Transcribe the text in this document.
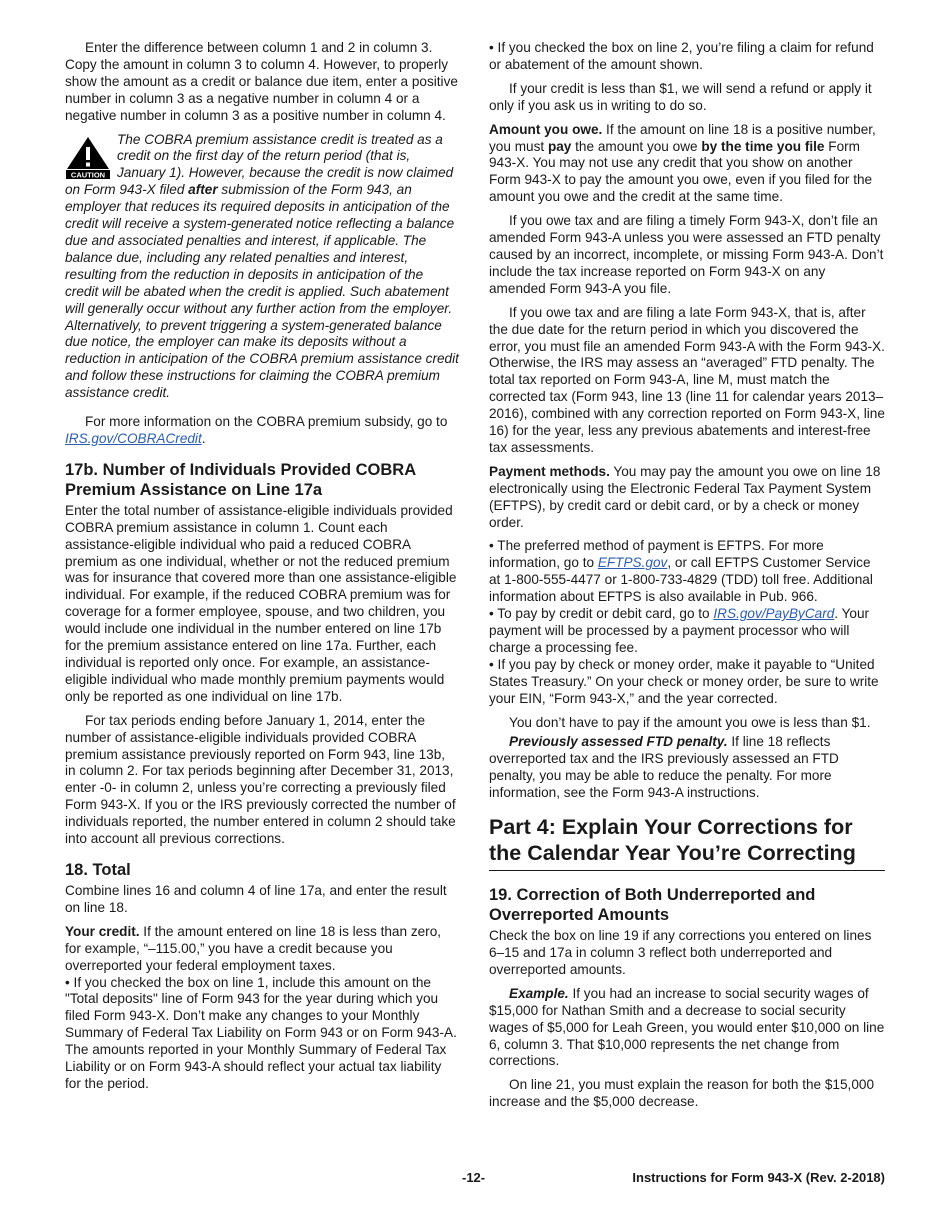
Enter the difference between column 1 and 2 in column 3. Copy the amount in column 3 to column 4. However, to properly show the amount as a credit or balance due item, enter a positive number in column 3 as a negative number in column 4 or a negative number in column 3 as a positive number in column 4.

CAUTION

The COBRA premium assistance credit is treated as a credit on the first day of the return period (that is, January 1). However, because the credit is now claimed on Form 943-X filed after submission of the Form 943, an employer that reduces its required deposits in anticipation of the credit will receive a system-generated notice reflecting a balance due and associated penalties and interest, if applicable. The balance due, including any related penalties and interest, resulting from the reduction in deposits in anticipation of the credit will be abated when the credit is applied. Such abatement will generally occur without any further action from the employer. Alternatively, to prevent triggering a system-generated balance due notice, the employer can make its deposits without a reduction in anticipation of the COBRA premium assistance credit and follow these instructions for claiming the COBRA premium assistance credit.

For more information on the COBRA premium subsidy, go to IRS.gov/COBRACredit.

17b. Number of Individuals Provided COBRA Premium Assistance on Line 17a

Enter the total number of assistance-eligible individuals provided COBRA premium assistance in column 1. Count each assistance-eligible individual who paid a reduced COBRA premium as one individual, whether or not the reduced premium was for insurance that covered more than one assistance-eligible individual. For example, if the reduced COBRA premium was for coverage for a former employee, spouse, and two children, you would include one individual in the number entered on line 17b for the premium assistance entered on line 17a. Further, each individual is reported only once. For example, an assistance-eligible individual who made monthly premium payments would only be reported as one individual on line 17b.

For tax periods ending before January 1, 2014, enter the number of assistance-eligible individuals provided COBRA premium assistance previously reported on Form 943, line 13b, in column 2. For tax periods beginning after December 31, 2013, enter -0- in column 2, unless you’re correcting a previously filed Form 943-X. If you or the IRS previously corrected the number of individuals reported, the number entered in column 2 should take into account all previous corrections.

18. Total

Combine lines 16 and column 4 of line 17a, and enter the result on line 18.

Your credit. If the amount entered on line 18 is less than zero, for example, “–115.00,” you have a credit because you overreported your federal employment taxes.

• If you checked the box on line 1, include this amount on the "Total deposits" line of Form 943 for the year during which you filed Form 943-X. Don’t make any changes to your Monthly Summary of Federal Tax Liability on Form 943 or on Form 943-A. The amounts reported in your Monthly Summary of Federal Tax Liability or on Form 943-A should reflect your actual tax liability for the period.

• If you checked the box on line 2, you’re filing a claim for refund or abatement of the amount shown.

If your credit is less than $1, we will send a refund or apply it only if you ask us in writing to do so.

Amount you owe. If the amount on line 18 is a positive number, you must pay the amount you owe by the time you file Form 943-X. You may not use any credit that you show on another Form 943-X to pay the amount you owe, even if you filed for the amount you owe and the credit at the same time.

If you owe tax and are filing a timely Form 943-X, don’t file an amended Form 943-A unless you were assessed an FTD penalty caused by an incorrect, incomplete, or missing Form 943-A. Don’t include the tax increase reported on Form 943-X on any amended Form 943-A you file.

If you owe tax and are filing a late Form 943-X, that is, after the due date for the return period in which you discovered the error, you must file an amended Form 943-A with the Form 943-X. Otherwise, the IRS may assess an “averaged” FTD penalty. The total tax reported on Form 943-A, line M, must match the corrected tax (Form 943, line 13 (line 11 for calendar years 2013–2016), combined with any correction reported on Form 943-X, line 16) for the year, less any previous abatements and interest-free tax assessments.

Payment methods. You may pay the amount you owe on line 18 electronically using the Electronic Federal Tax Payment System (EFTPS), by credit card or debit card, or by a check or money order.

• The preferred method of payment is EFTPS. For more information, go to EFTPS.gov, or call EFTPS Customer Service at 1-800-555-4477 or 1-800-733-4829 (TDD) toll free. Additional information about EFTPS is also available in Pub. 966.

• To pay by credit or debit card, go to IRS.gov/PayByCard. Your payment will be processed by a payment processor who will charge a processing fee.

• If you pay by check or money order, make it payable to “United States Treasury.” On your check or money order, be sure to write your EIN, “Form 943-X,” and the year corrected.

You don’t have to pay if the amount you owe is less than $1.

Previously assessed FTD penalty. If line 18 reflects overreported tax and the IRS previously assessed an FTD penalty, you may be able to reduce the penalty. For more information, see the Form 943-A instructions.

Part 4: Explain Your Corrections for the Calendar Year You’re Correcting
19. Correction of Both Underreported and Overreported Amounts

Check the box on line 19 if any corrections you entered on lines 6–15 and 17a in column 3 reflect both underreported and overreported amounts.

Example. If you had an increase to social security wages of $15,000 for Nathan Smith and a decrease to social security wages of $5,000 for Leah Green, you would enter $10,000 on line 6, column 3. That $10,000 represents the net change from corrections.

On line 21, you must explain the reason for both the $15,000 increase and the $5,000 decrease.

-12-	Instructions for Form 943-X (Rev. 2-2018)
